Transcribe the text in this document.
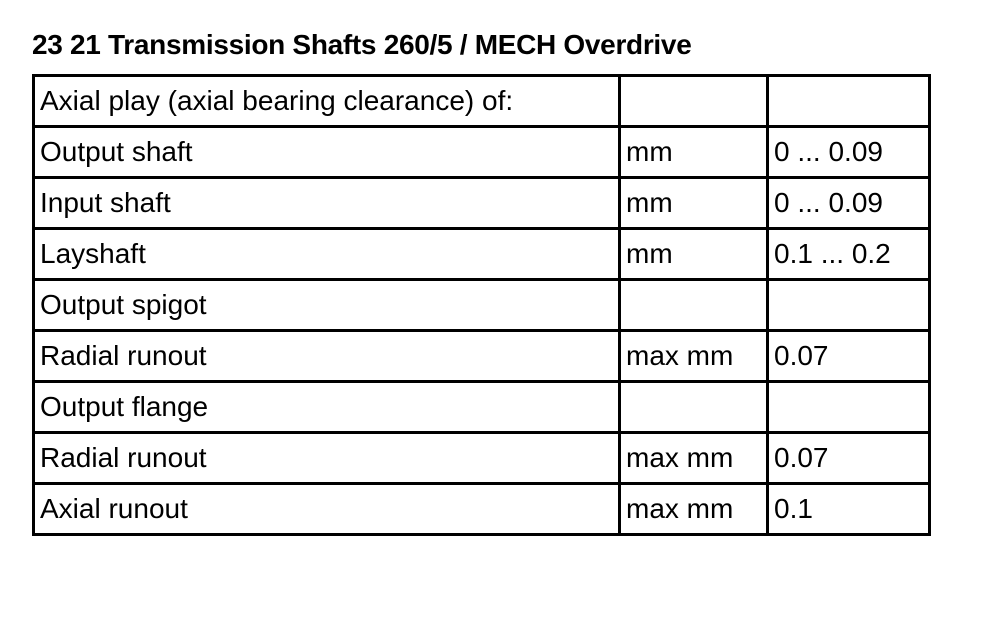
23 21 Transmission Shafts 260/5 / MECH Overdrive
Axial play (axial bearing clearance) of:		
Output shaft	mm	0 ... 0.09
Input shaft	mm	0 ... 0.09
Layshaft	mm	0.1 ... 0.2
Output spigot		
Radial runout	max mm	0.07
Output flange		
Radial runout	max mm	0.07
Axial runout	max mm	0.1
